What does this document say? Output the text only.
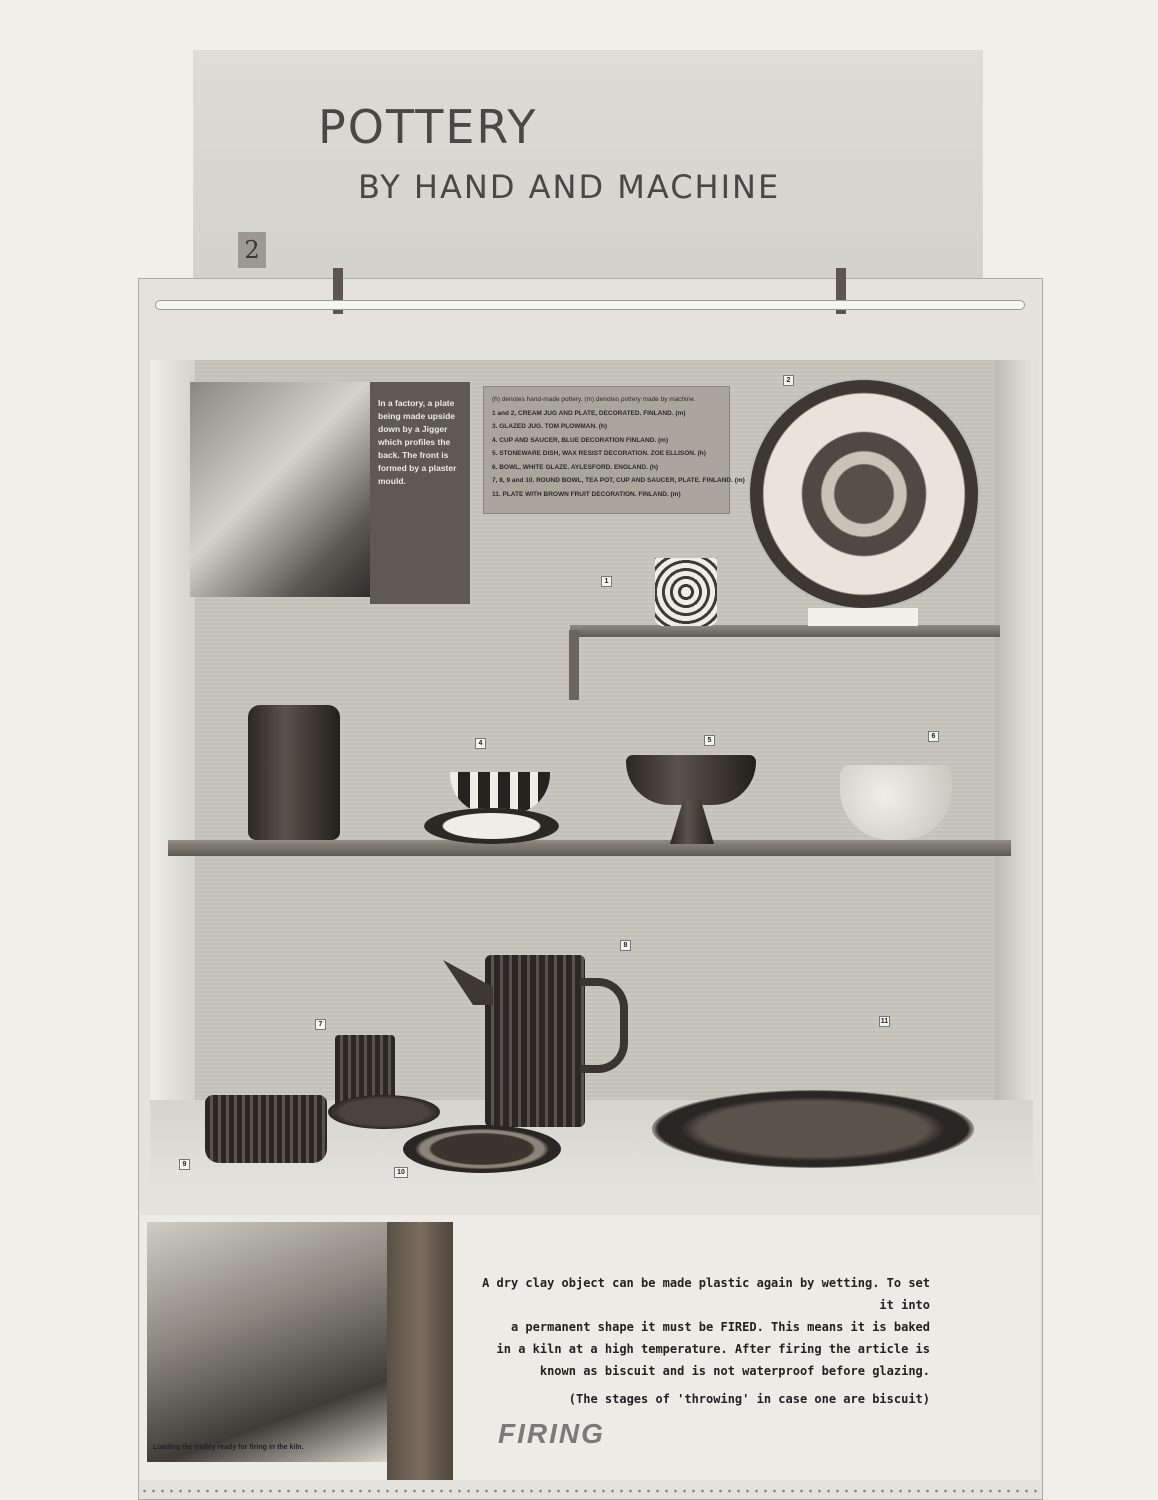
POTTERY
BY HAND AND MACHINE
2
In a factory, a plate being made upside down by a Jigger which profiles the back. The front is formed by a plaster mould.
(h) denotes hand-made pottery. (m) denotes pottery made by machine.
1 and 2, CREAM JUG AND PLATE, DECORATED. FINLAND. (m)
3. GLAZED JUG. TOM PLOWMAN. (h)
4. CUP AND SAUCER, BLUE DECORATION FINLAND. (m)
5. STONEWARE DISH, WAX RESIST DECORATION. ZOE ELLISON. (h)
6. BOWL, WHITE GLAZE. AYLESFORD. ENGLAND. (h)
7, 8, 9 and 10. ROUND BOWL, TEA POT, CUP AND SAUCER, PLATE. FINLAND. (m)
11. PLATE WITH BROWN FRUIT DECORATION. FINLAND. (m)
2
1
4	5
6
8
7	11
9
10
Loading the trolley ready for firing in the kiln.

A dry clay object can be made plastic again by wetting. To set it into

a permanent shape it must be FIRED. This means it is baked

in a kiln at a high temperature. After firing the article is

known as biscuit and is not waterproof before glazing.

(The stages of 'throwing' in case one are biscuit)

FIRING
